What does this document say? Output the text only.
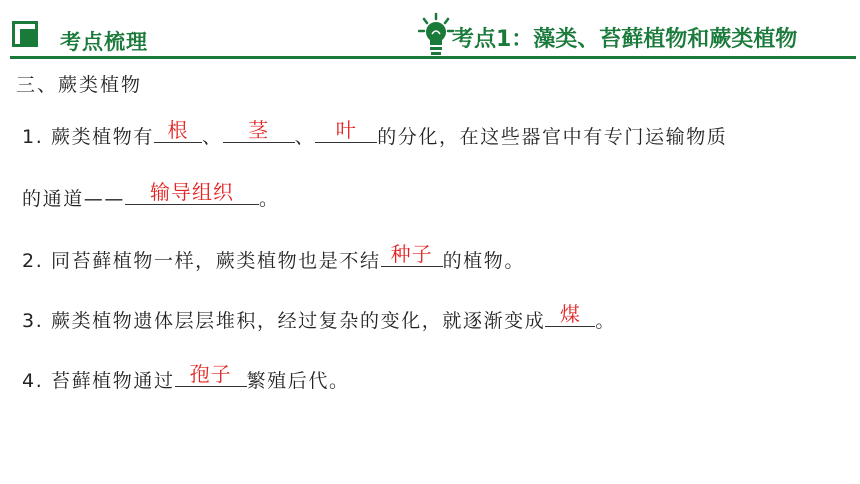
考点梳理	考点1：藻类、苔藓植物和蕨类植物
三、蕨类植物
1. 蕨类植物有 根 、	茎	、	叶	的分化，在这些器官中有专门运输物质
的通道——	输导组织	。
2. 同苔藓植物一样，蕨类植物也是不结 种子 的植物。
3. 蕨类植物遗体层层堆积，经过复杂的变化，就逐渐变成 煤 。
4. 苔藓植物通过 孢子 繁殖后代。
